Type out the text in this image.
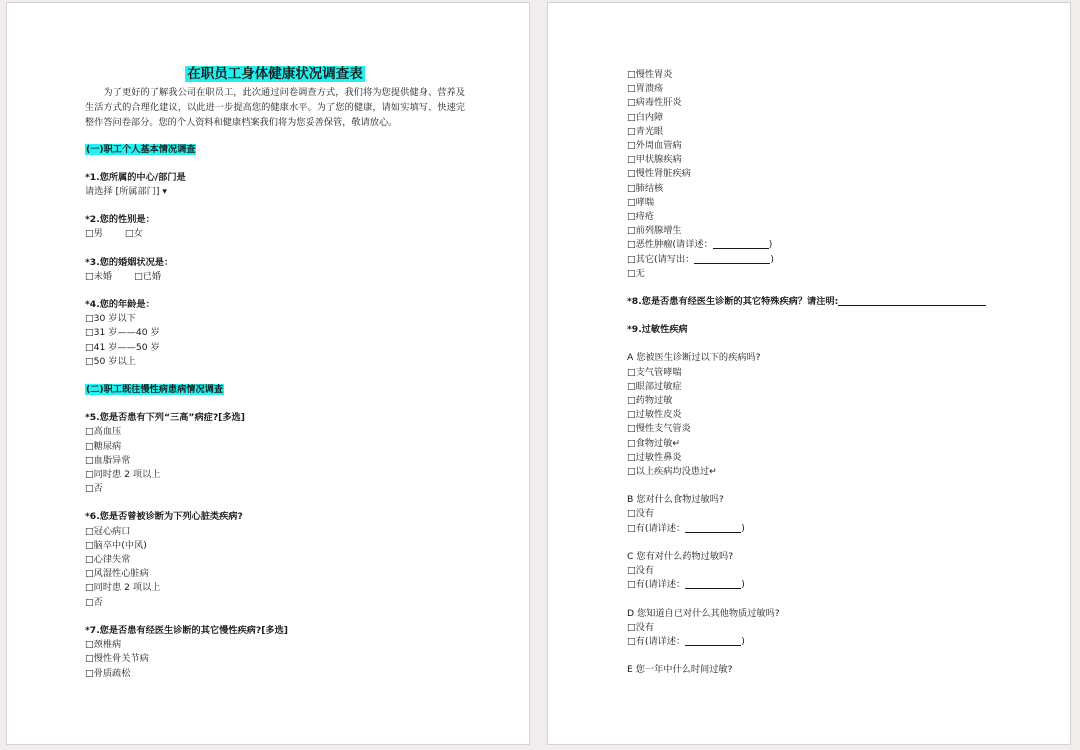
在职员工身体健康状况调查表
为了更好的了解我公司在职员工，此次通过问卷调查方式，我们将为您提供健身、营养及生活方式的合理化建议，以此进一步提高您的健康水平。为了您的健康，请如实填写、快速完整作答问卷部分。您的个人资料和健康档案我们将为您妥善保管，敬请放心。
(一)职工个人基本情况调查
*1.您所属的中心/部门是
请选择 [所属部门] ▾
*2.您的性别是：
□男 □女
*3.您的婚姻状况是：
□未婚 □已婚
*4.您的年龄是：
□30 岁以下
□31 岁——40 岁
□41 岁——50 岁
□50 岁以上
(二)职工既往慢性病患病情况调查
*5.您是否患有下列“三高”病症?[多选]
□高血压
□糖尿病
□血脂异常
□同时患 2 项以上
□否
*6.您是否曾被诊断为下列心脏类疾病?
□冠心病口
□脑卒中(中风)
□心律失常
□风湿性心脏病
□同时患 2 项以上
□否
*7.您是否患有经医生诊断的其它慢性疾病?[多选]
□颈椎病
□慢性骨关节病
□骨质疏松
□慢性胃炎
□胃溃疡
□病毒性肝炎
□白内障
□青光眼
□外周血管病
□甲状腺疾病
□慢性肾脏疾病
□肺结核
□哮喘
□痔疮
□前列腺增生
□恶性肿瘤(请详述：	)
□其它(请写出：	)
□无
*8.您是否患有经医生诊断的其它特殊疾病？请注明:
*9.过敏性疾病
A 您被医生诊断过以下的疾病吗?
□支气管哮喘
□眼部过敏症
□药物过敏
□过敏性皮炎
□慢性支气管炎
□食物过敏↵
□过敏性鼻炎
□以上疾病均没患过↵
B 您对什么食物过敏吗?
□没有
□有(请详述：	)
C 您有对什么药物过敏吗?
□没有
□有(请详述：	)
D 您知道自已对什么其他物质过敏吗?
□没有
□有(请详述：	)
E 您一年中什么时间过敏?
